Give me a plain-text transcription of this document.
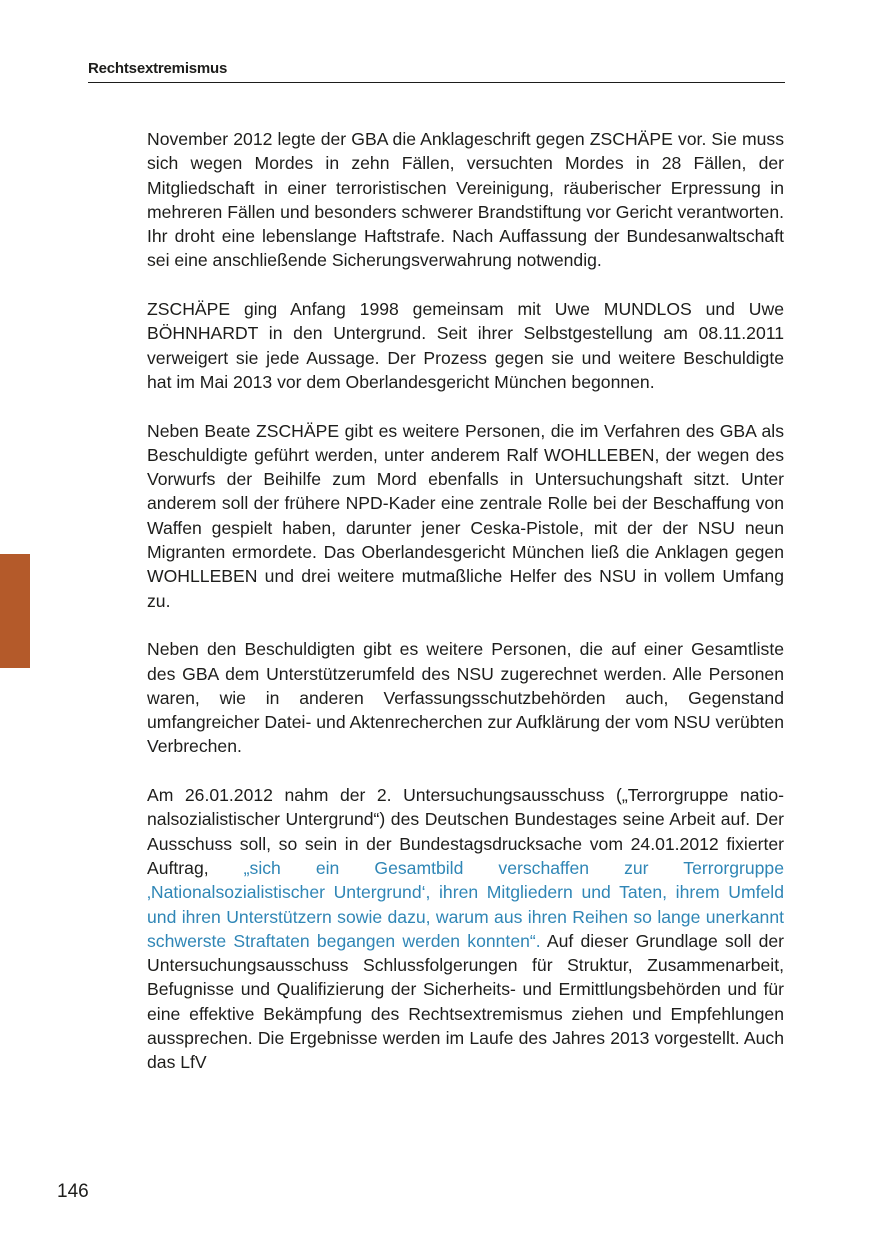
Rechtsextremismus

November 2012 legte der GBA die Anklageschrift gegen ZSCHÄPE vor. Sie muss sich wegen Mordes in zehn Fällen, versuchten Mordes in 28 Fällen, der Mitgliedschaft in einer terroristischen Vereinigung, räuberischer Erpressung in mehreren Fällen und besonders schwerer Brandstiftung vor Gericht verantworten. Ihr droht eine lebenslange Haftstrafe. Nach Auffassung der Bundesanwaltschaft sei eine anschließende Sicherungsverwahrung notwendig.

ZSCHÄPE ging Anfang 1998 gemeinsam mit Uwe MUNDLOS und Uwe BÖHNHARDT in den Untergrund. Seit ihrer Selbstgestellung am 08.11.2011 verweigert sie jede Aussage. Der Prozess gegen sie und weitere Beschuldigte hat im Mai 2013 vor dem Oberlandesgericht München begonnen.

Neben Beate ZSCHÄPE gibt es weitere Personen, die im Verfahren des GBA als Beschuldigte geführt werden, unter anderem Ralf WOHLLEBEN, der wegen des Vorwurfs der Beihilfe zum Mord ebenfalls in Untersuchungshaft sitzt. Unter anderem soll der frühere NPD-Kader eine zentrale Rolle bei der Beschaffung von Waffen gespielt haben, darunter jener Ceska-Pistole, mit der der NSU neun Migranten ermordete. Das Oberlandesgericht München ließ die Anklagen gegen WOHLLEBEN und drei weitere mutmaßliche Helfer des NSU in vollem Umfang zu.

Neben den Beschuldigten gibt es weitere Personen, die auf einer Gesamtliste des GBA dem Unterstützerumfeld des NSU zugerechnet werden. Alle Personen waren, wie in anderen Verfassungsschutzbehörden auch, Gegenstand umfangreicher Datei- und Aktenrecherchen zur Aufklärung der vom NSU verübten Verbrechen.

Am 26.01.2012 nahm der 2. Untersuchungsausschuss („Terrorgruppe nationalsozialistischer Untergrund“) des Deutschen Bundestages seine Arbeit auf. Der Ausschuss soll, so sein in der Bundestagsdrucksache vom 24.01.2012 fixierter Auftrag, „sich ein Gesamtbild verschaffen zur Terrorgruppe ‚Nationalsozialistischer Untergrund‘, ihren Mitgliedern und Taten, ihrem Umfeld und ihren Unterstützern sowie dazu, warum aus ihren Reihen so lange unerkannt schwerste Straftaten begangen werden konnten“. Auf dieser Grundlage soll der Untersuchungsausschuss Schlussfolgerungen für Struktur, Zusammenarbeit, Befugnisse und Qualifizierung der Sicherheits- und Ermittlungsbehörden und für eine effektive Bekämpfung des Rechtsextremismus ziehen und Empfehlungen aussprechen. Die Ergebnisse werden im Laufe des Jahres 2013 vorgestellt. Auch das LfV

146
